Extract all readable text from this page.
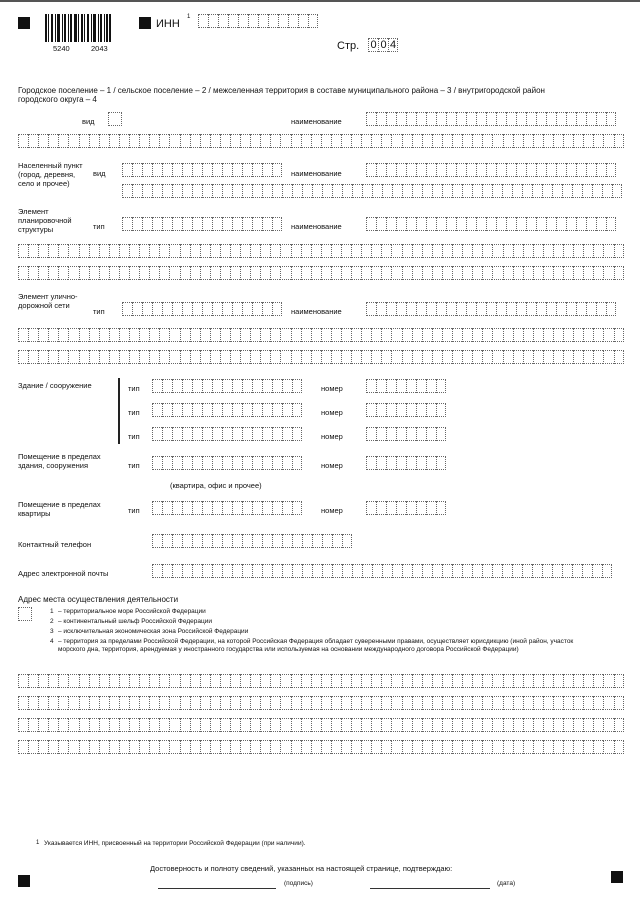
5240	2043
ИНН
1
Стр. 0 0 4
Городское поселение – 1 / сельское поселение – 2 / межселенная территория в составе муниципального района – 3 / внутригородской район городского округа – 4
вид	наименование
Населенный пункт (город, деревня, село и прочее)
вид	наименование
Элемент планировочной структуры	тип	наименование
Элемент улично-дорожной сети
тип	наименование
Здание / сооружение	тип	номер
тип	номер
тип	номер
Помещение в пределах здания, сооружения	тип	номер
(квартира, офис и прочее)
Помещение в пределах квартиры	тип	номер
Контактный телефон
Адрес электронной почты
Адрес места осуществления деятельности
1 – территориальное море Российской Федерации
2 – континентальный шельф Российской Федерации
3 – исключительная экономическая зона Российской Федерации
4 – территория за пределами Российской Федерации, на которой Российская Федерация обладает суверенными правами, осуществляет юрисдикцию (иной район, участок морского дна, территория, арендуемая у иностранного государства или используемая на основании международного договора Российской Федерации)
1 Указывается ИНН, присвоенный на территории Российской Федерации (при наличии).
Достоверность и полноту сведений, указанных на настоящей странице, подтверждаю:
(подпись)	(дата)
